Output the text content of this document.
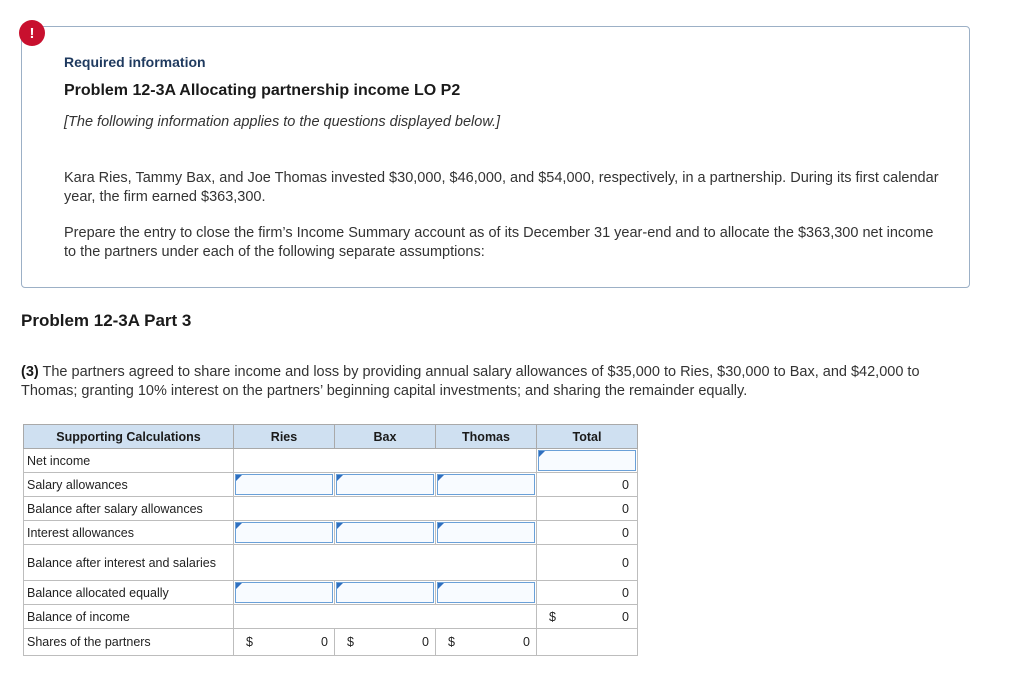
Required information
Problem 12-3A Allocating partnership income LO P2
[The following information applies to the questions displayed below.]
Kara Ries, Tammy Bax, and Joe Thomas invested $30,000, $46,000, and $54,000, respectively, in a partnership. During its first calendar year, the firm earned $363,300.
Prepare the entry to close the firm’s Income Summary account as of its December 31 year-end and to allocate the $363,300 net income to the partners under each of the following separate assumptions:
!
Problem 12-3A Part 3
(3) The partners agreed to share income and loss by providing annual salary allowances of $35,000 to Ries, $30,000 to Bax, and $42,000 to Thomas; granting 10% interest on the partners’ beginning capital investments; and sharing the remainder equally.
Supporting Calculations	Ries	Bax	Thomas	Total
Net income				

Salary allowances				0
Balance after salary allowances				0
Interest allowances				0
Balance after interest and salaries				0
Balance allocated equally				0
Balance of income				$ 0

Shares of the partners	$ 0	$ 0	$ 0	
